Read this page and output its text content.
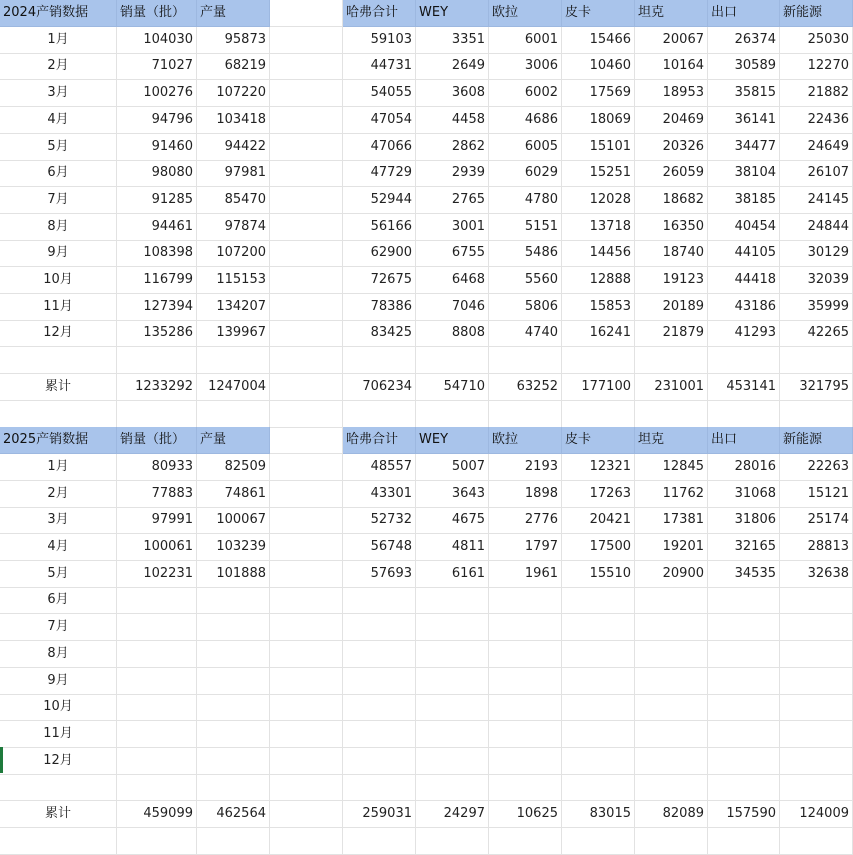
2024产销数据	销量（批）	产量	哈弗合计	WEY	欧拉	皮卡	坦克	出口	新能源
1月	104030	95873	59103	3351	6001	15466	20067	26374	25030
2月	71027	68219	44731	2649	3006	10460	10164	30589	12270
3月	100276	107220	54055	3608	6002	17569	18953	35815	21882
4月	94796	103418	47054	4458	4686	18069	20469	36141	22436
5月	91460	94422	47066	2862	6005	15101	20326	34477	24649
6月	98080	97981	47729	2939	6029	15251	26059	38104	26107
7月	91285	85470	52944	2765	4780	12028	18682	38185	24145
8月	94461	97874	56166	3001	5151	13718	16350	40454	24844
9月	108398	107200	62900	6755	5486	14456	18740	44105	30129
10月	116799	115153	72675	6468	5560	12888	19123	44418	32039
11月	127394	134207	78386	7046	5806	15853	20189	43186	35999
12月	135286	139967	83425	8808	4740	16241	21879	41293	42265
累计	1233292	1247004	706234	54710	63252	177100	231001	453141	321795
2025产销数据	销量（批）	产量	哈弗合计	WEY	欧拉	皮卡	坦克	出口	新能源
1月	80933	82509	48557	5007	2193	12321	12845	28016	22263
2月	77883	74861	43301	3643	1898	17263	11762	31068	15121
3月	97991	100067	52732	4675	2776	20421	17381	31806	25174
4月	100061	103239	56748	4811	1797	17500	19201	32165	28813
5月	102231	101888	57693	6161	1961	15510	20900	34535	32638
6月
7月
8月
9月
10月
11月
12月
累计	459099	462564	259031	24297	10625	83015	82089	157590	124009
